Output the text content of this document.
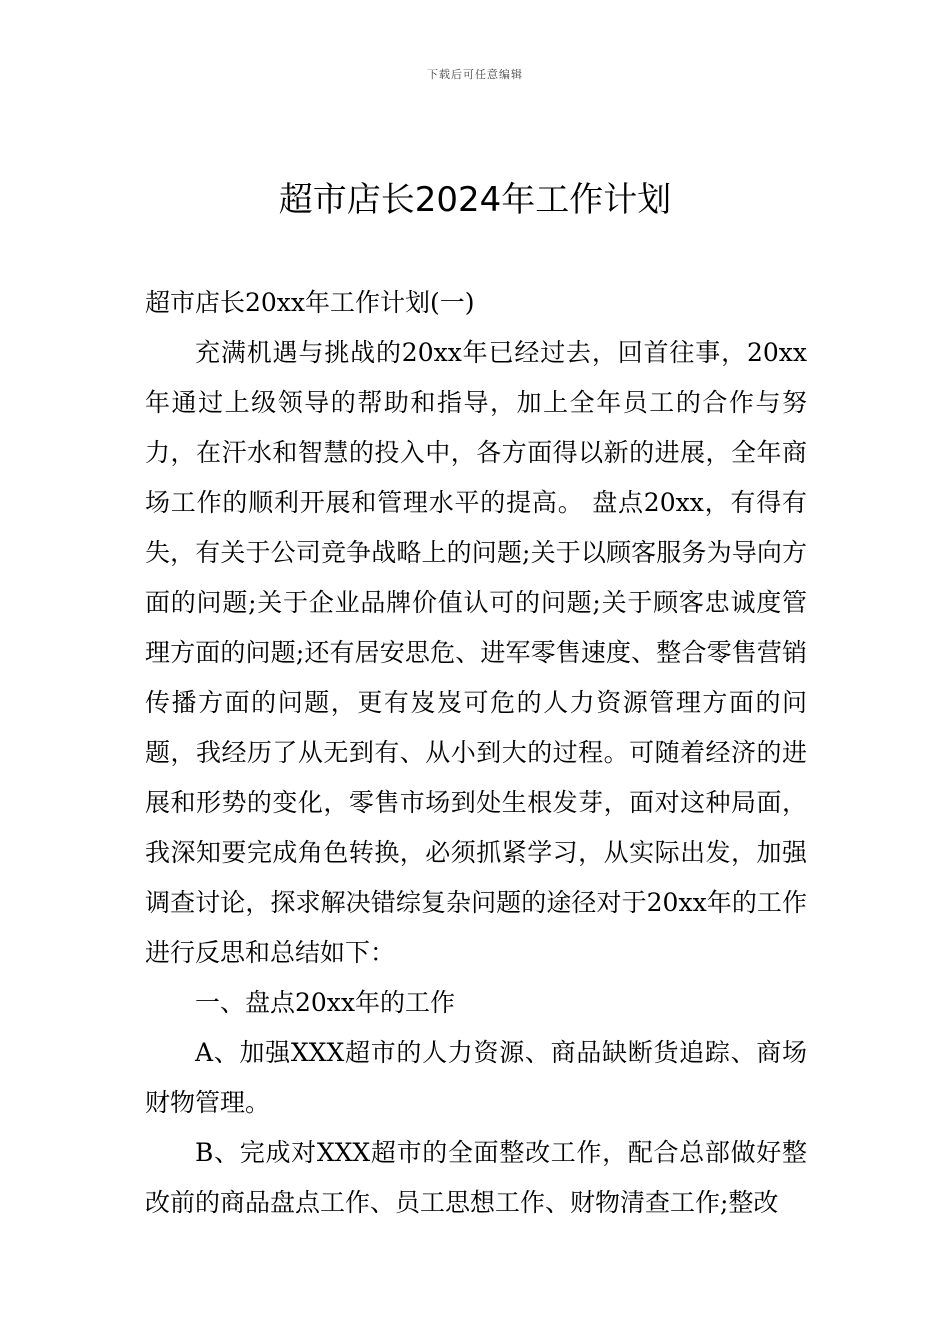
下载后可任意编辑
超市店长2024年工作计划

超市店长20xx年工作计划(一)

充满机遇与挑战的20xx年已经过去，回首往事，20xx年通过上级领导的帮助和指导，加上全年员工的合作与努力，在汗水和智慧的投入中，各方面得以新的进展，全年商场工作的顺利开展和管理水平的提高。 盘点20xx，有得有失，有关于公司竞争战略上的问题;关于以顾客服务为导向方面的问题;关于企业品牌价值认可的问题;关于顾客忠诚度管理方面的问题;还有居安思危、进军零售速度、整合零售营销传播方面的问题，更有岌岌可危的人力资源管理方面的问题，我经历了从无到有、从小到大的过程。可随着经济的进展和形势的变化，零售市场到处生根发芽，面对这种局面，我深知要完成角色转换，必须抓紧学习，从实际出发，加强调查讨论，探求解决错综复杂问题的途径对于20xx年的工作进行反思和总结如下：

一、盘点20xx年的工作

A、加强XXX超市的人力资源、商品缺断货追踪、商场财物管理。

B、完成对XXX超市的全面整改工作，配合总部做好整改前的商品盘点工作、员工思想工作、财物清查工作;整改
